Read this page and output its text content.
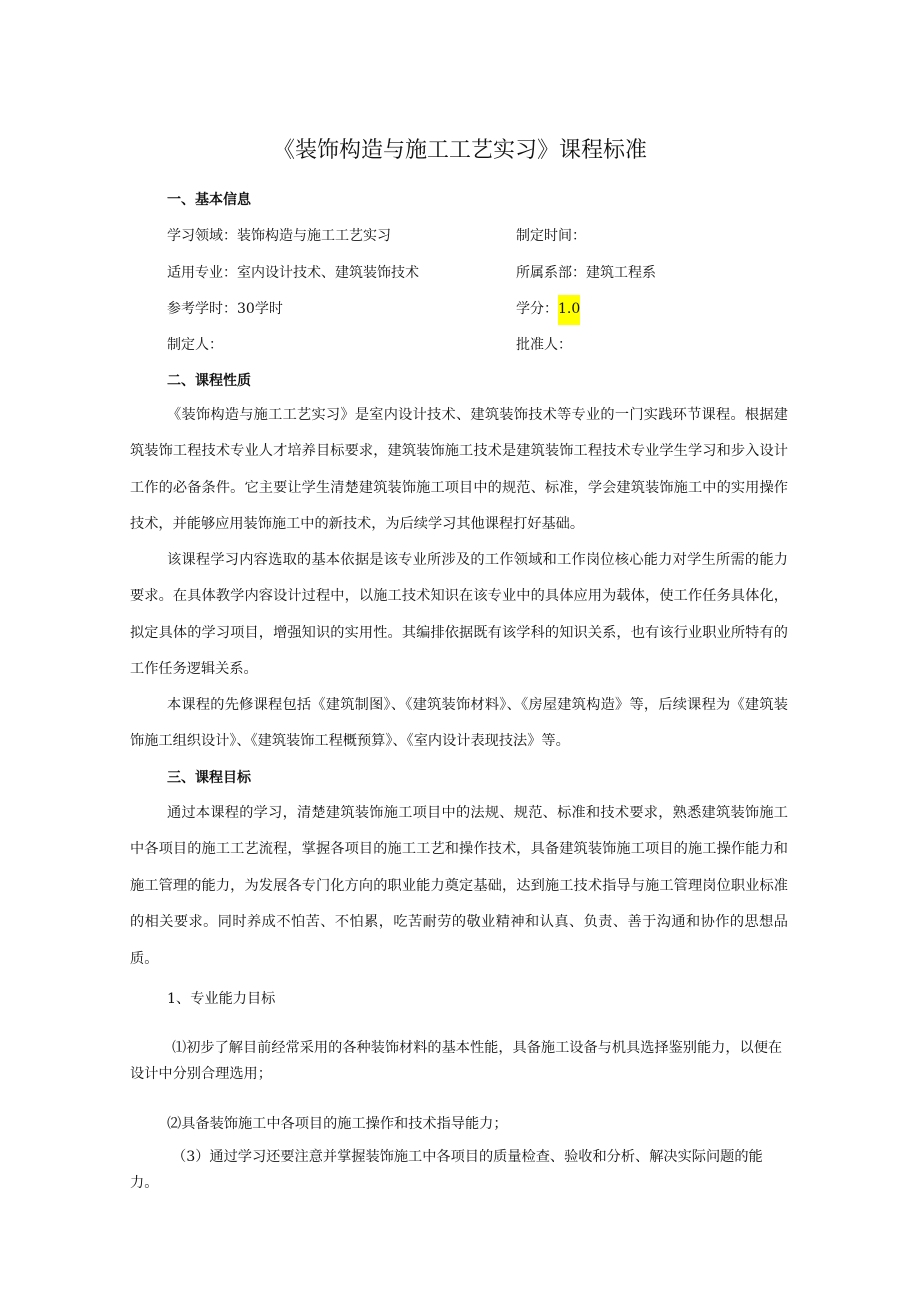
《装饰构造与施工工艺实习》课程标准
一、基本信息
学习领域：装饰构造与施工工艺实习	制定时间：
适用专业：室内设计技术、建筑装饰技术	所属系部：建筑工程系
参考学时：30学时	学分：1.0
制定人：	批准人：
二、课程性质
《装饰构造与施工工艺实习》是室内设计技术、建筑装饰技术等专业的一门实践环节课程。根据建筑装饰工程技术专业人才培养目标要求，建筑装饰施工技术是建筑装饰工程技术专业学生学习和步入设计工作的必备条件。它主要让学生清楚建筑装饰施工项目中的规范、标准，学会建筑装饰施工中的实用操作技术，并能够应用装饰施工中的新技术，为后续学习其他课程打好基础。
该课程学习内容选取的基本依据是该专业所涉及的工作领域和工作岗位核心能力对学生所需的能力要求。在具体教学内容设计过程中，以施工技术知识在该专业中的具体应用为载体，使工作任务具体化，拟定具体的学习项目，增强知识的实用性。其编排依据既有该学科的知识关系，也有该行业职业所特有的工作任务逻辑关系。
本课程的先修课程包括《建筑制图》、《建筑装饰材料》、《房屋建筑构造》等，后续课程为《建筑装饰施工组织设计》、《建筑装饰工程概预算》、《室内设计表现技法》等。
三、课程目标
通过本课程的学习，清楚建筑装饰施工项目中的法规、规范、标准和技术要求，熟悉建筑装饰施工中各项目的施工工艺流程，掌握各项目的施工工艺和操作技术，具备建筑装饰施工项目的施工操作能力和施工管理的能力，为发展各专门化方向的职业能力奠定基础，达到施工技术指导与施工管理岗位职业标准的相关要求。同时养成不怕苦、不怕累，吃苦耐劳的敬业精神和认真、负责、善于沟通和协作的思想品质。
1、专业能力目标
⑴初步了解目前经常采用的各种装饰材料的基本性能，具备施工设备与机具选择鉴别能力，以便在设计中分别合理选用；
⑵具备装饰施工中各项目的施工操作和技术指导能力；
（3）通过学习还要注意并掌握装饰施工中各项目的质量检查、验收和分析、解决实际问题的能力。
